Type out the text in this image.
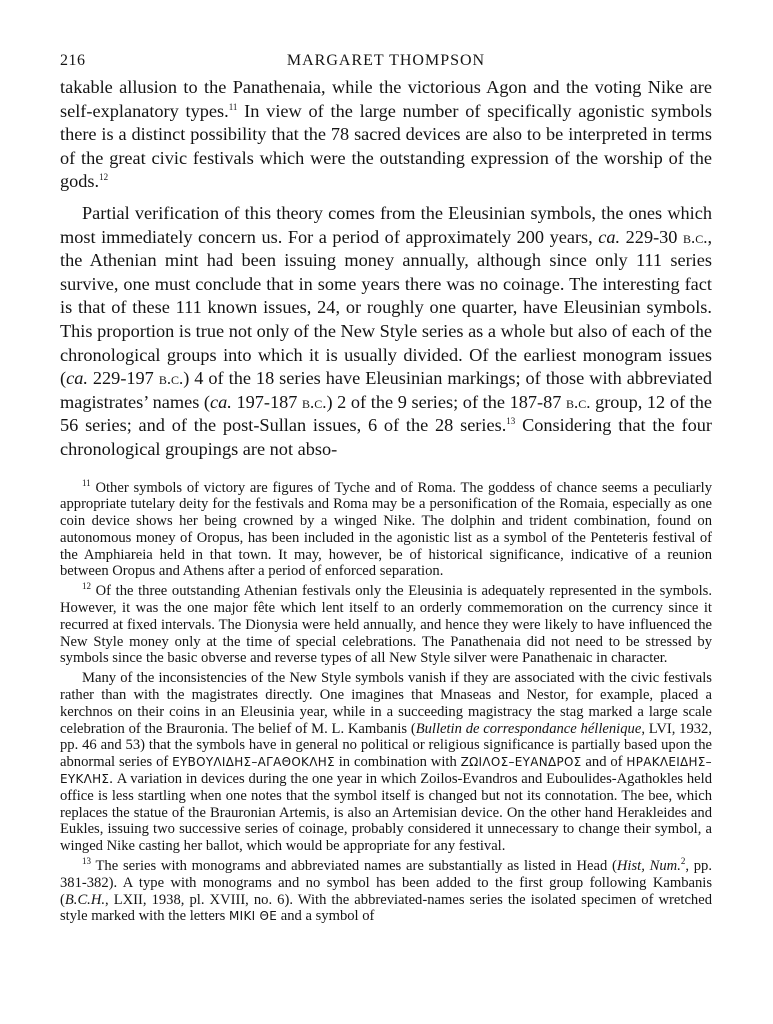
216	MARGARET THOMPSON

takable allusion to the Panathenaia, while the victorious Agon and the voting Nike are self-explanatory types.$^{11}$ In view of the large number of specifically agonistic symbols there is a distinct possibility that the 78 sacred devices are also to be interpreted in terms of the great civic festivals which were the outstanding expression of the worship of the gods.$^{12}$

Partial verification of this theory comes from the Eleusinian symbols, the ones which most immediately concern us. For a period of approximately 200 years, ca. 229-30 b.c., the Athenian mint had been issuing money annually, although since only 111 series survive, one must conclude that in some years there was no coinage. The interesting fact is that of these 111 known issues, 24, or roughly one quarter, have Eleusinian symbols. This proportion is true not only of the New Style series as a whole but also of each of the chronological groups into which it is usually divided. Of the earliest monogram issues (ca. 229-197 b.c.) 4 of the 18 series have Eleusinian markings; of those with abbreviated magistrates’ names (ca. 197-187 b.c.) 2 of the 9 series; of the 187-87 b.c. group, 12 of the 56 series; and of the post-Sullan issues, 6 of the 28 series.$^{13}$ Considering that the four chronological groupings are not abso-

$^{11}$ Other symbols of victory are figures of Tyche and of Roma. The goddess of chance seems a peculiarly appropriate tutelary deity for the festivals and Roma may be a personification of the Romaia, especially as one coin device shows her being crowned by a winged Nike. The dolphin and trident combination, found on autonomous money of Oropus, has been included in the agonistic list as a symbol of the Penteteris festival of the Amphiareia held in that town. It may, however, be of historical significance, indicative of a reunion between Oropus and Athens after a period of enforced separation.

$^{12}$ Of the three outstanding Athenian festivals only the Eleusinia is adequately represented in the symbols. However, it was the one major fête which lent itself to an orderly commemoration on the currency since it recurred at fixed intervals. The Dionysia were held annually, and hence they were likely to have influenced the New Style money only at the time of special celebrations. The Panathenaia did not need to be stressed by symbols since the basic obverse and reverse types of all New Style silver were Panathenaic in character.

Many of the inconsistencies of the New Style symbols vanish if they are associated with the civic festivals rather than with the magistrates directly. One imagines that Mnaseas and Nestor, for example, placed a kerchnos on their coins in an Eleusinia year, while in a succeeding magistracy the stag marked a large scale celebration of the Brauronia. The belief of M. L. Kambanis (Bulletin de correspondance héllenique, LVI, 1932, pp. 46 and 53) that the symbols have in general no political or religious significance is partially based upon the abnormal series of ΕΥΒΟΥΛΙΔΗΣ–ΑΓΑΘΟΚΛΗΣ in combination with ΖΩΙΛΟΣ–ΕΥΑΝΔΡΟΣ and of ΗΡΑΚΛΕΙΔΗΣ–ΕΥΚΛΗΣ. A variation in devices during the one year in which Zoilos-Evandros and Euboulides-Agathokles held office is less startling when one notes that the symbol itself is changed but not its connotation. The bee, which replaces the statue of the Brauronian Artemis, is also an Artemisian device. On the other hand Herakleides and Eukles, issuing two successive series of coinage, probably considered it unnecessary to change their symbol, a winged Nike casting her ballot, which would be appropriate for any festival.

$^{13}$ The series with monograms and abbreviated names are substantially as listed in Head (Hist, Num.$^2$, pp. 381-382). A type with monograms and no symbol has been added to the first group following Kambanis (B.C.H., LXII, 1938, pl. XVIII, no. 6). With the abbreviated-names series the isolated specimen of wretched style marked with the letters ΜΙΚΙ ΘΕ and a symbol of
